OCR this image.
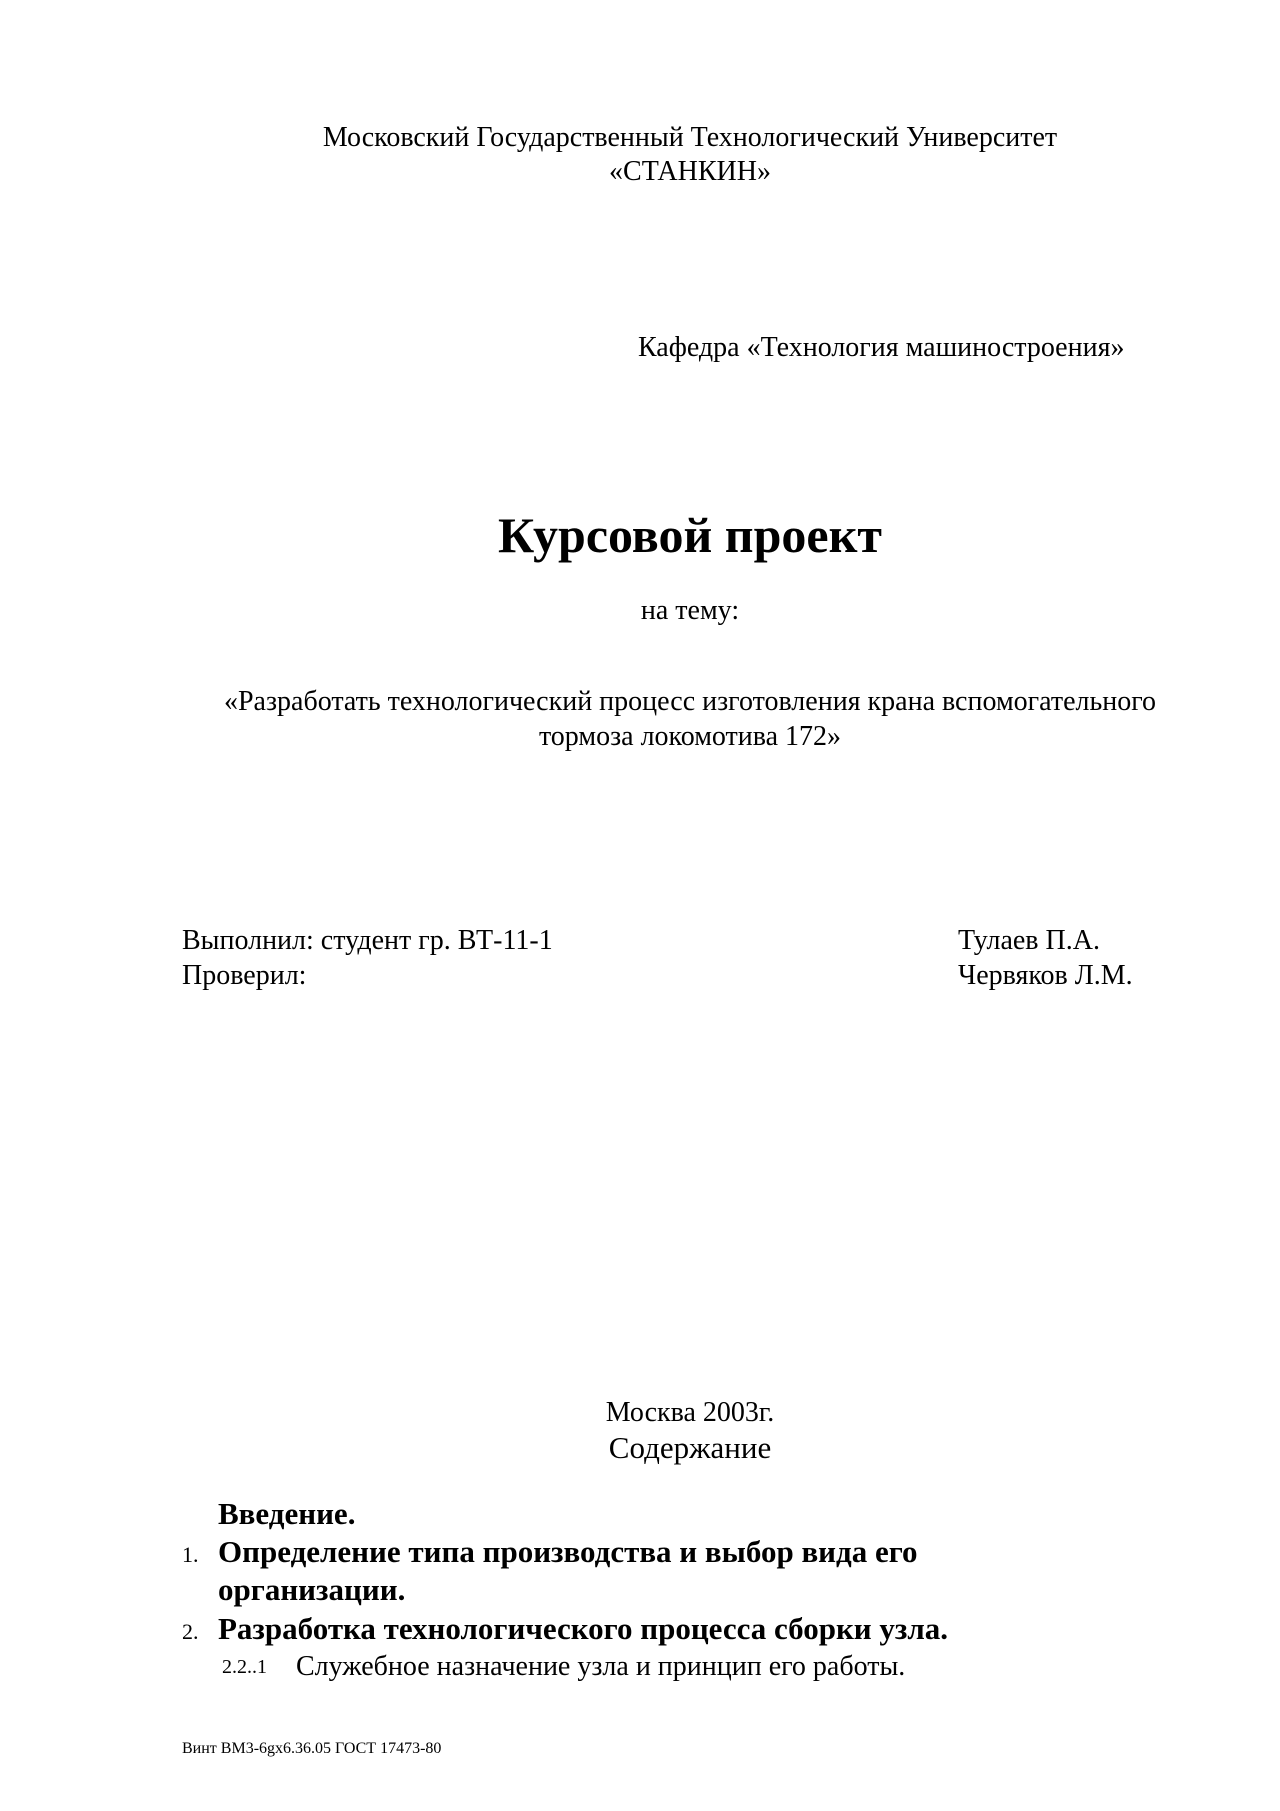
Московский Государственный Технологический Университет
«СТАНКИН»
Кафедра «Технология машиностроения»
Курсовой проект
на тему:
«Разработать технологический процесс изготовления крана вспомогательного
тормоза локомотива 172»
Выполнил: студент гр. ВТ-11-1	Тулаев П.А.
Проверил:	Червяков Л.М.
Москва 2003г.
Содержание
Введение.
1. Определение типа производства и выбор вида его
организации.
2. Разработка технологического процесса сборки узла.
2.2..1 Служебное назначение узла и принцип его работы.
Винт ВМ3-6gx6.36.05 ГОСТ 17473-80
